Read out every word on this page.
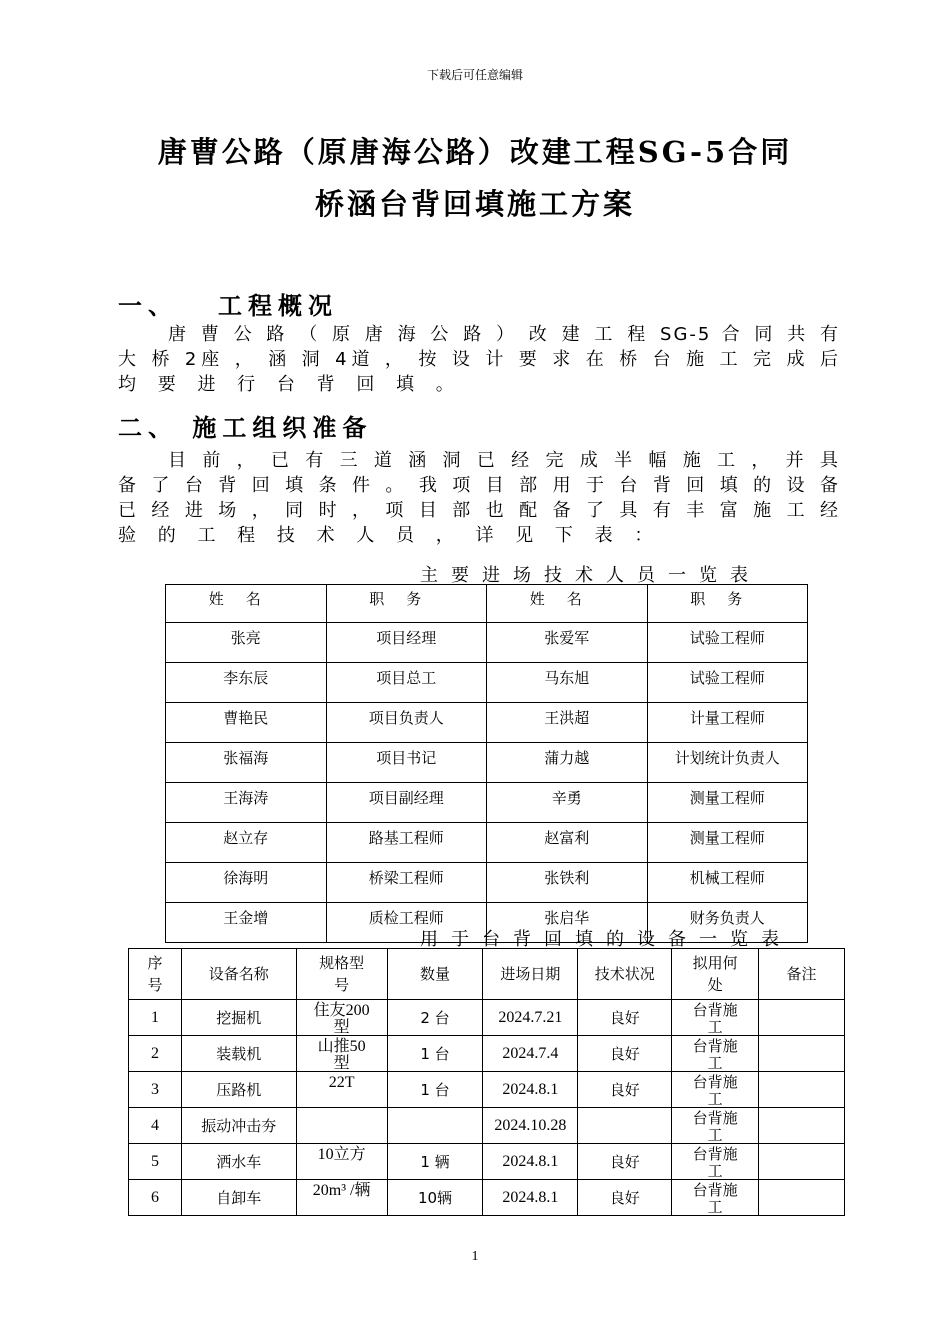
下载后可任意编辑
唐曹公路（原唐海公路）改建工程SG-5合同
桥涵台背回填施工方案
一、 工程概况
唐 曹 公 路 （ 原 唐 海 公 路 ） 改 建 工 程 SG-5 合 同 共 有
大 桥 2座 ， 涵 洞 4道 ， 按 设 计 要 求 在 桥 台 施 工 完 成 后
均 要 进 行 台 背 回 填 。
二、 施工组织准备
目 前 ， 已 有 三 道 涵 洞 已 经 完 成 半 幅 施 工 ， 并 具
备 了 台 背 回 填 条 件 。 我 项 目 部 用 于 台 背 回 填 的 设 备
已 经 进 场 ， 同 时 ， 项 目 部 也 配 备 了 具 有 丰 富 施 工 经
验 的 工 程 技 术 人 员 ， 详 见 下 表 ：
主要进场技术人员一览表
姓名	职务	姓名	职务
张亮	项目经理	张爱军	试验工程师
李东辰	项目总工	马东旭	试验工程师
曹艳民	项目负责人	王洪超	计量工程师
张福海	项目书记	蒲力越	计划统计负责人
王海涛	项目副经理	辛勇	测量工程师
赵立存	路基工程师	赵富利	测量工程师
徐海明	桥梁工程师	张铁利	机械工程师
王金增	质检工程师	张启华	财务负责人
用于台背回填的设备一览表
序号	设备名称	规格型号	数量	进场日期	技术状况	拟用何处	备注
1	挖掘机	住友200型	2 台	2024.7.21	良好	台背施工	

2	装载机	山推50型	1 台	2024.7.4	良好	台背施工	

3	压路机	22T	1 台	2024.8.1	良好	台背施工	

4	振动冲击夯			2024.10.28		台背施工	

5	洒水车	10立方	1 辆	2024.8.1	良好	台背施工	

6	自卸车	20m³ /辆	10辆	2024.8.1	良好	台背施工	

1
